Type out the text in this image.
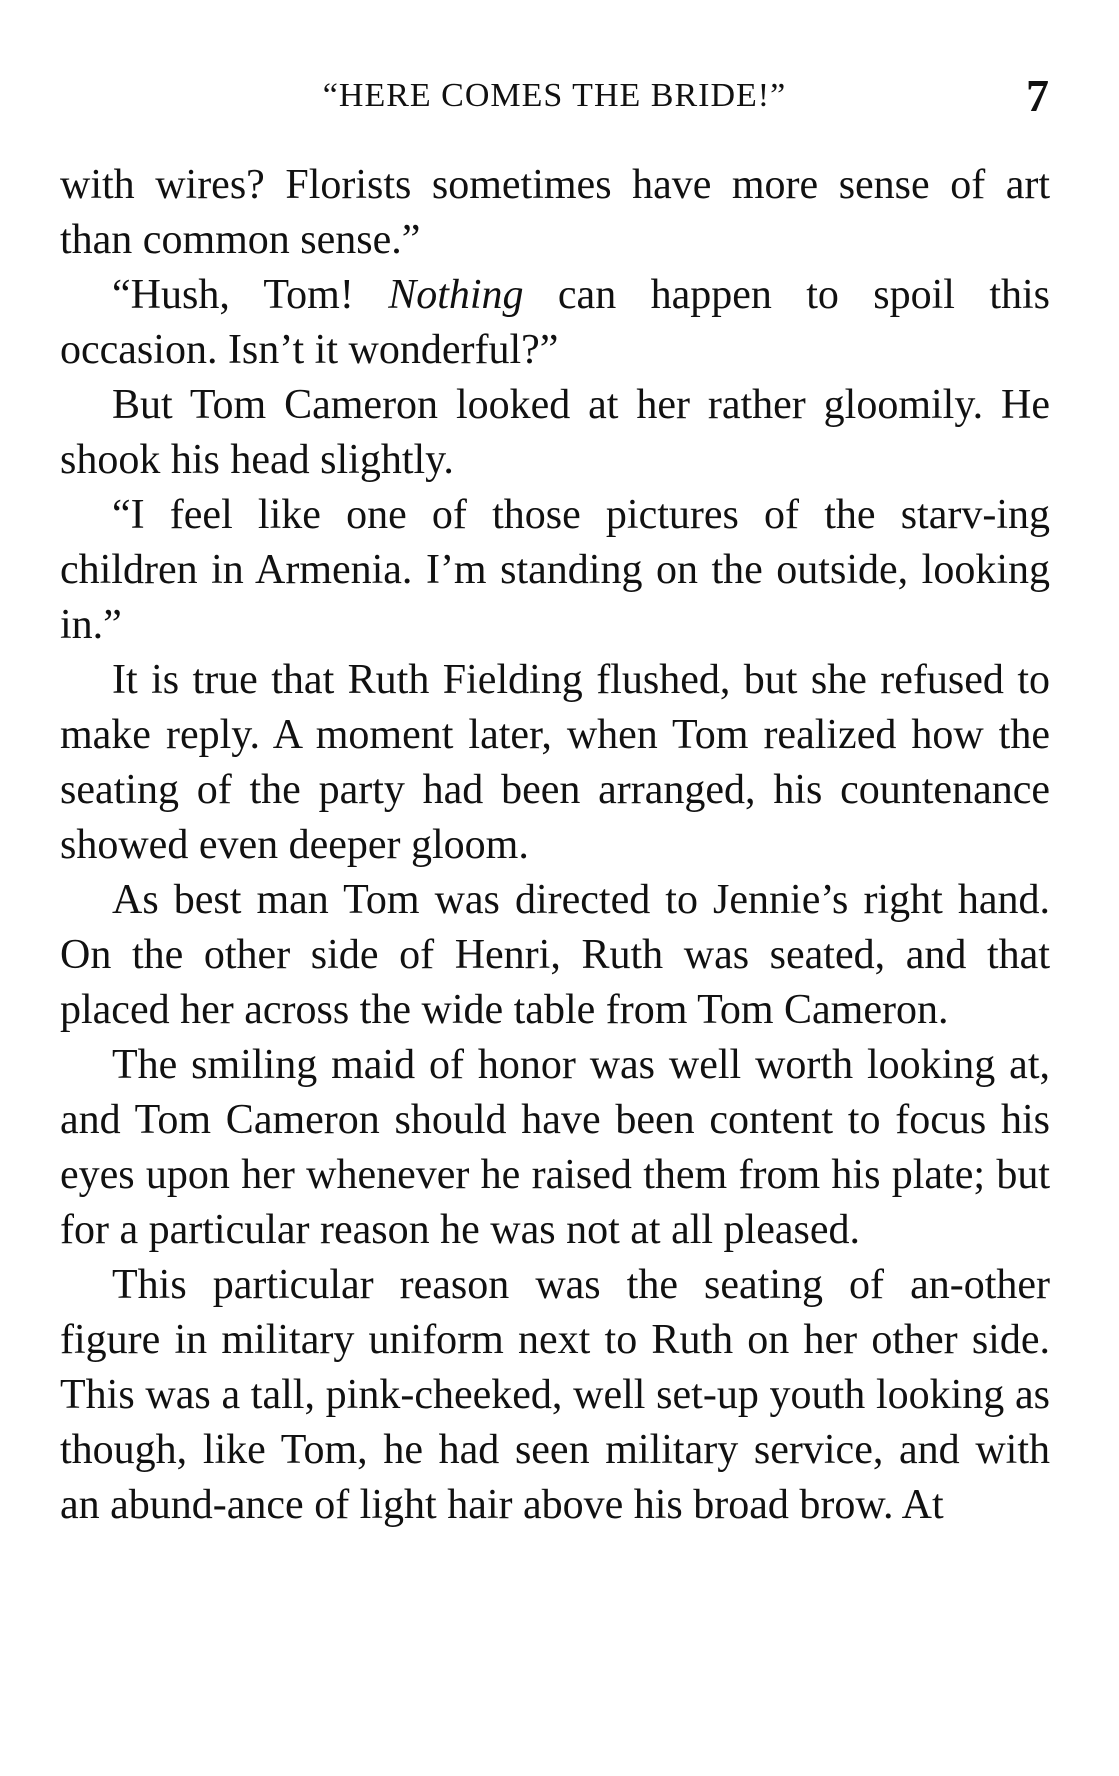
“HERE COMES THE BRIDE!”	7

with wires? Florists sometimes have more sense of art than common sense.”

“Hush, Tom! Nothing can happen to spoil this occasion. Isn’t it wonderful?”

But Tom Cameron looked at her rather gloomily. He shook his head slightly.

“I feel like one of those pictures of the starv-ing children in Armenia. I’m standing on the outside, looking in.”

It is true that Ruth Fielding flushed, but she refused to make reply. A moment later, when Tom realized how the seating of the party had been arranged, his countenance showed even deeper gloom.

As best man Tom was directed to Jennie’s right hand. On the other side of Henri, Ruth was seated, and that placed her across the wide table from Tom Cameron.

The smiling maid of honor was well worth looking at, and Tom Cameron should have been content to focus his eyes upon her whenever he raised them from his plate; but for a particular reason he was not at all pleased.

This particular reason was the seating of an-other figure in military uniform next to Ruth on her other side. This was a tall, pink-cheeked, well set-up youth looking as though, like Tom, he had seen military service, and with an abund-ance of light hair above his broad brow. At
